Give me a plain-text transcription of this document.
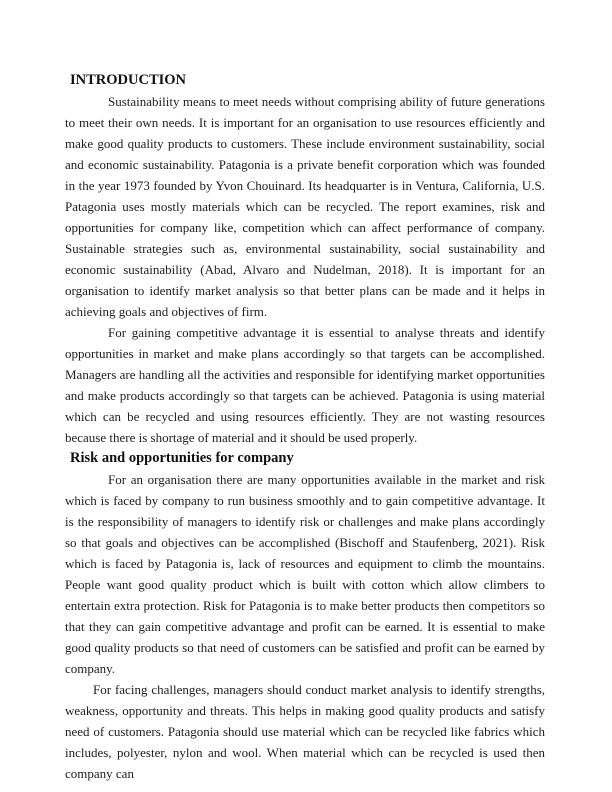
INTRODUCTION

Sustainability means to meet needs without comprising ability of future generations to meet their own needs. It is important for an organisation to use resources efficiently and make good quality products to customers. These include environment sustainability, social and economic sustainability. Patagonia is a private benefit corporation which was founded in the year 1973 founded by Yvon Chouinard. Its headquarter is in Ventura, California, U.S. Patagonia uses mostly materials which can be recycled. The report examines, risk and opportunities for company like, competition which can affect performance of company. Sustainable strategies such as, environmental sustainability, social sustainability and economic sustainability (Abad, Alvaro and Nudelman, 2018). It is important for an organisation to identify market analysis so that better plans can be made and it helps in achieving goals and objectives of firm.

For gaining competitive advantage it is essential to analyse threats and identify opportunities in market and make plans accordingly so that targets can be accomplished. Managers are handling all the activities and responsible for identifying market opportunities and make products accordingly so that targets can be achieved. Patagonia is using material which can be recycled and using resources efficiently. They are not wasting resources because there is shortage of material and it should be used properly.

Risk and opportunities for company

For an organisation there are many opportunities available in the market and risk which is faced by company to run business smoothly and to gain competitive advantage. It is the responsibility of managers to identify risk or challenges and make plans accordingly so that goals and objectives can be accomplished (Bischoff and Staufenberg, 2021). Risk which is faced by Patagonia is, lack of resources and equipment to climb the mountains. People want good quality product which is built with cotton which allow climbers to entertain extra protection. Risk for Patagonia is to make better products then competitors so that they can gain competitive advantage and profit can be earned. It is essential to make good quality products so that need of customers can be satisfied and profit can be earned by company.

For facing challenges, managers should conduct market analysis to identify strengths, weakness, opportunity and threats. This helps in making good quality products and satisfy need of customers. Patagonia should use material which can be recycled like fabrics which includes, polyester, nylon and wool. When material which can be recycled is used then company can
